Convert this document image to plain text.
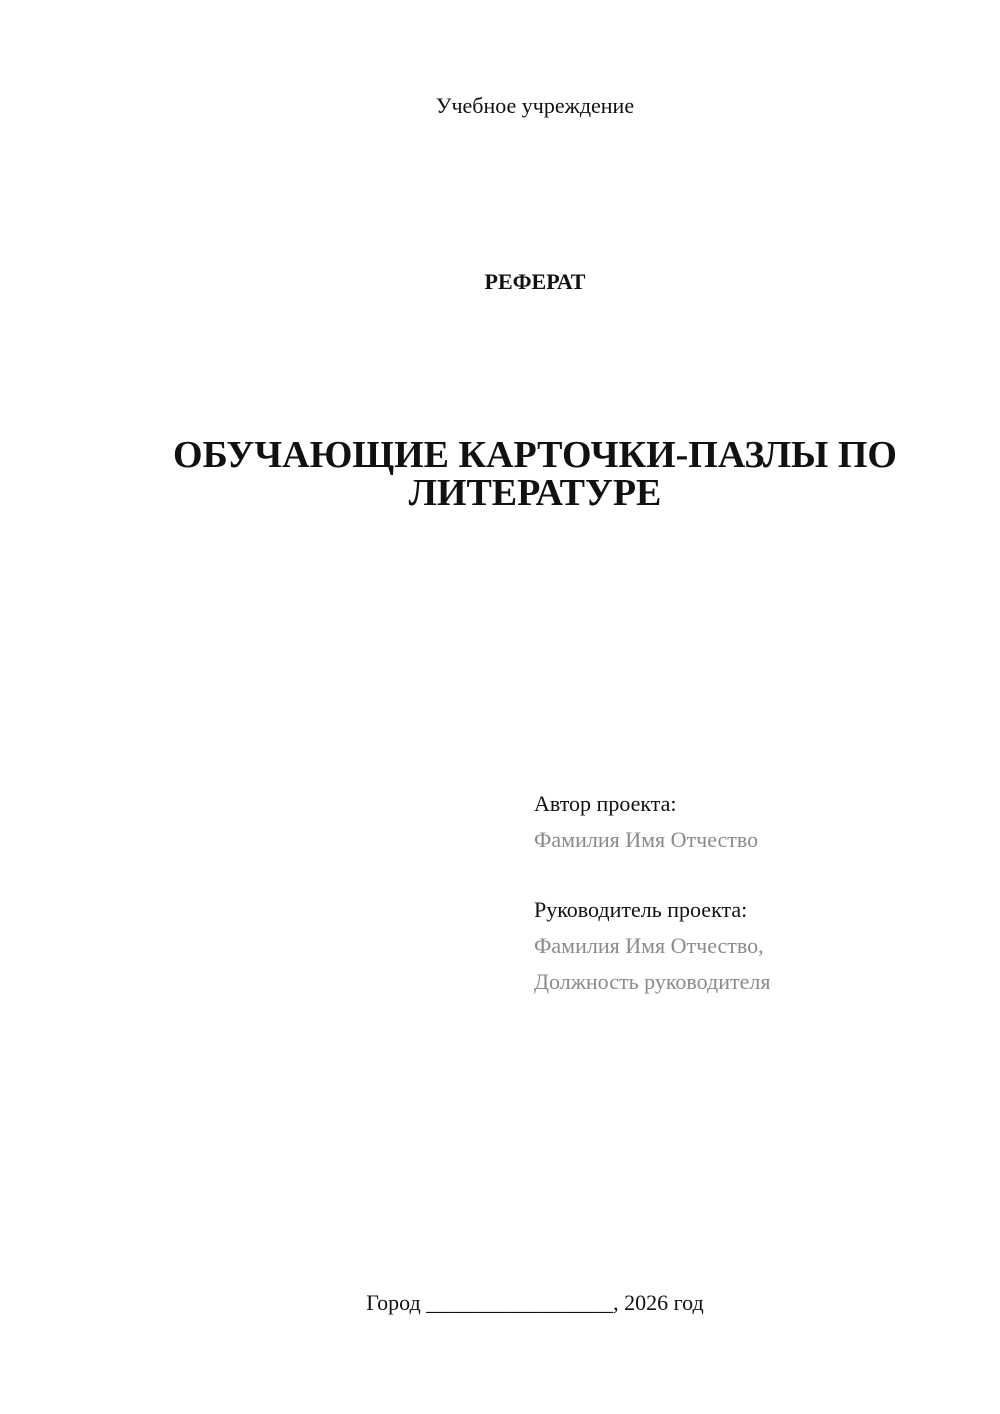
Учебное учреждение
РЕФЕРАТ
ОБУЧАЮЩИЕ КАРТОЧКИ-ПАЗЛЫ ПО
ЛИТЕРАТУРЕ
Автор проекта:
Фамилия Имя Отчество
Руководитель проекта:
Фамилия Имя Отчество,
Должность руководителя
Город _________________, 2026 год
